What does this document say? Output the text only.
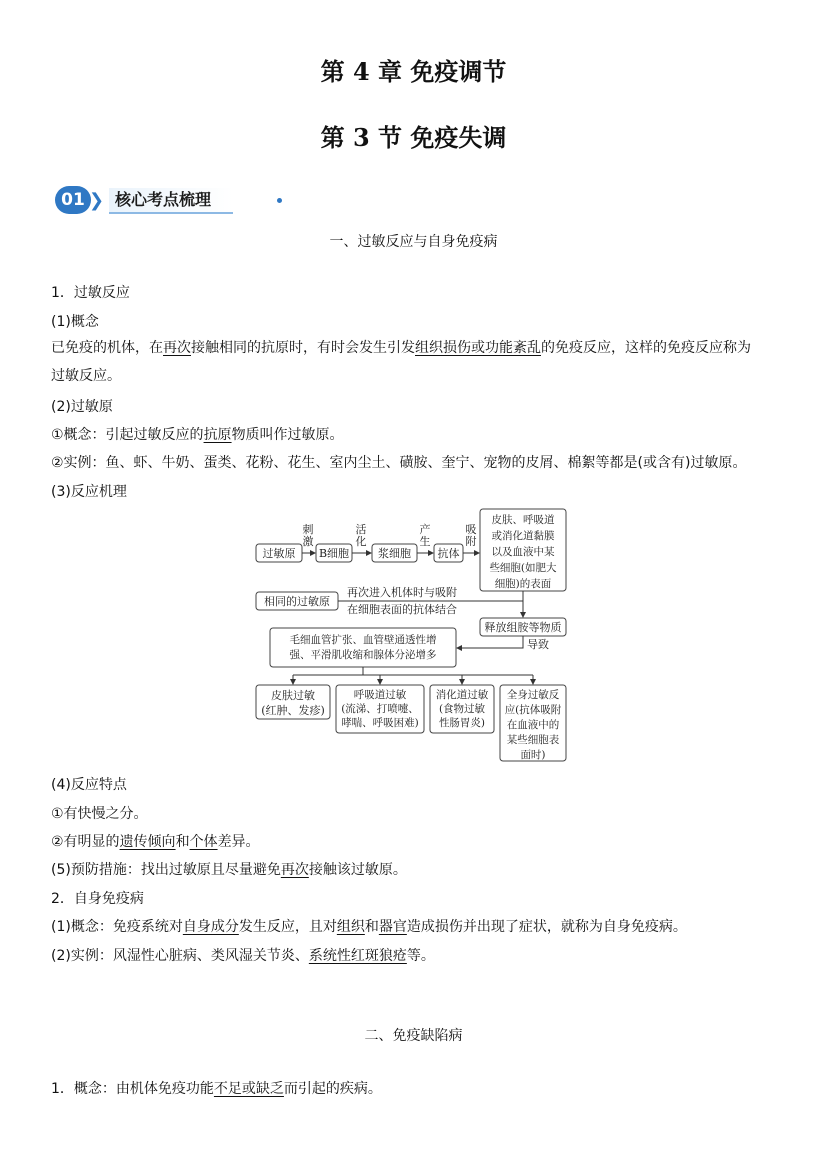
第 4 章 免疫调节
第 3 节 免疫失调
01 ❯ 核心考点梳理
一、过敏反应与自身免疫病
1．过敏反应
(1)概念
已免疫的机体，在再次接触相同的抗原时，有时会发生引发组织损伤或功能紊乱的免疫反应，这样的免疫反应称为
过敏反应。
(2)过敏原
①概念：引起过敏反应的抗原物质叫作过敏原。
②实例：鱼、虾、牛奶、蛋类、花粉、花生、室内尘土、磺胺、奎宁、宠物的皮屑、棉絮等都是(或含有)过敏原。
(3)反应机理
过敏原 B细胞	浆细胞 抗体
刺
激
活
化
产
生
吸
附
皮肤、呼吸道
或消化道黏膜
以及血液中某
些细胞(如肥大
细胞)的表面
相同的过敏原
再次进入机体时与吸附
在细胞表面的抗体结合
释放组胺等物质
导致
毛细血管扩张、血管壁通透性增
强、平滑肌收缩和腺体分泌增多
皮肤过敏
(红肿、发疹)
呼吸道过敏
(流涕、打喷嚏、
哮喘、呼吸困难)
消化道过敏
(食物过敏
性肠胃炎)
全身过敏反
应(抗体吸附
在血液中的
某些细胞表
面时)
(4)反应特点
①有快慢之分。
②有明显的遗传倾向和个体差异。
(5)预防措施：找出过敏原且尽量避免再次接触该过敏原。
2．自身免疫病
(1)概念：免疫系统对自身成分发生反应，且对组织和器官造成损伤并出现了症状，就称为自身免疫病。
(2)实例：风湿性心脏病、类风湿关节炎、系统性红斑狼疮等。
二、免疫缺陷病
1．概念：由机体免疫功能不足或缺乏而引起的疾病。
